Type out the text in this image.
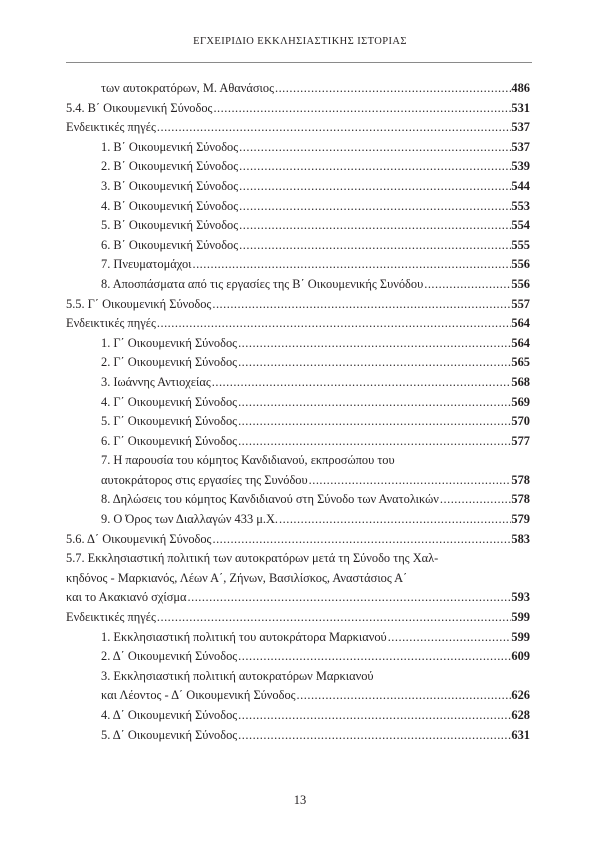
ΕΓΧΕΙΡΙΔΙΟ ΕΚΚΛΗΣΙΑΣΤΙΚΗΣ ΙΣΤΟΡΙΑΣ
των αυτοκρατόρων, Μ. Αθανάσιος .....	486
5.4. Β΄ Οικουμενική Σύνοδος .....	531
Ενδεικτικές πηγές .....	537
1. Β΄ Οικουμενική Σύνοδος .....	537
2. Β΄ Οικουμενική Σύνοδος .....	539
3. Β΄ Οικουμενική Σύνοδος .....	544
4. Β΄ Οικουμενική Σύνοδος .....	553
5. Β΄ Οικουμενική Σύνοδος .....	554
6. Β΄ Οικουμενική Σύνοδος .....	555
7. Πνευματομάχοι .....	556
8. Αποσπάσματα από τις εργασίες της Β΄ Οικουμενικής Συνόδου .....	556
5.5. Γ΄ Οικουμενική Σύνοδος .....	557
Ενδεικτικές πηγές .....	564
1. Γ΄ Οικουμενική Σύνοδος .....	564
2. Γ΄ Οικουμενική Σύνοδος .....	565
3. Ιωάννης Αντιοχείας .....	568
4. Γ΄ Οικουμενική Σύνοδος .....	569
5. Γ΄ Οικουμενική Σύνοδος .....	570
6. Γ΄ Οικουμενική Σύνοδος .....	577
7. Η παρουσία του κόμητος Κανδιδιανού, εκπροσώπου του
αυτοκράτορος στις εργασίες της Συνόδου .....	578
8. Δηλώσεις του κόμητος Κανδιδιανού στη Σύνοδο των Ανατολικών .....	578
9. Ο Όρος των Διαλλαγών 433 μ.Χ. .....	579
5.6. Δ΄ Οικουμενική Σύνοδος .....	583
5.7. Εκκλησιαστική πολιτική των αυτοκρατόρων μετά τη Σύνοδο της Χαλ-
κηδόνος - Μαρκιανός, Λέων Α΄, Ζήνων, Βασιλίσκος, Αναστάσιος Α΄
και το Ακακιανό σχίσμα .....	593
Ενδεικτικές πηγές .....	599
1. Εκκλησιαστική πολιτική του αυτοκράτορα Μαρκιανού .....	599
2. Δ΄ Οικουμενική Σύνοδος .....	609
3. Εκκλησιαστική πολιτική αυτοκρατόρων Μαρκιανού
και Λέοντος - Δ΄ Οικουμενική Σύνοδος .....	626
4. Δ΄ Οικουμενική Σύνοδος .....	628
5. Δ΄ Οικουμενική Σύνοδος .....	631
13
